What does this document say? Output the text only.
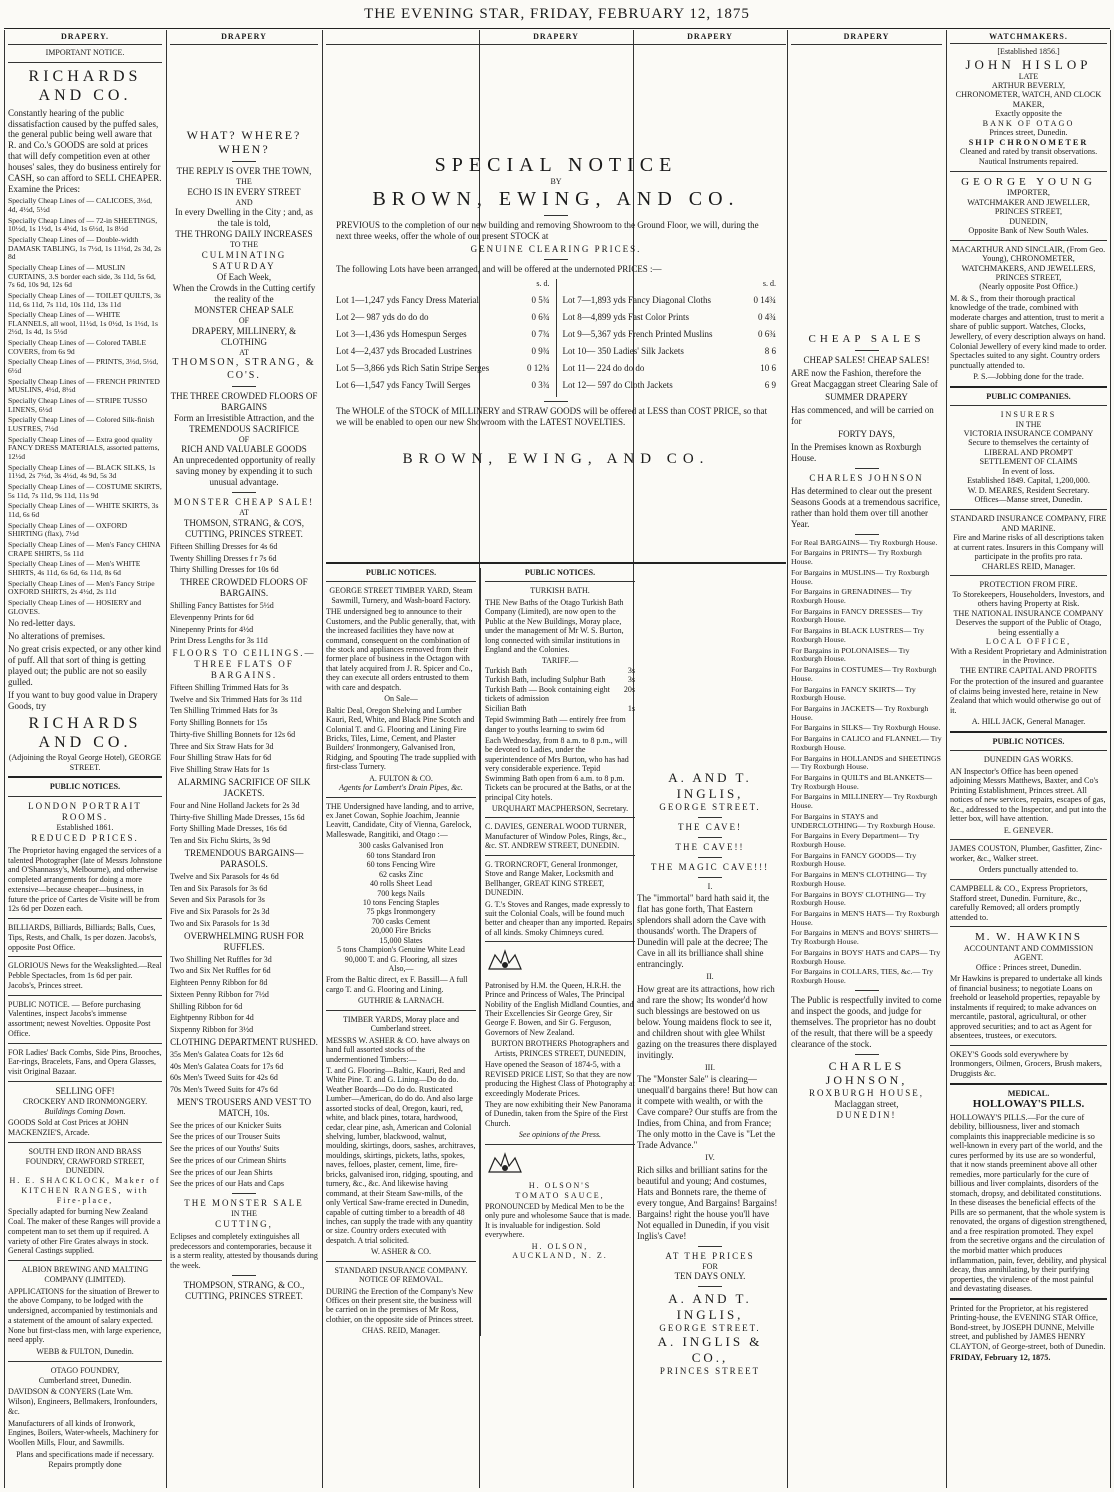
THE EVENING STAR, FRIDAY, FEBRUARY 12, 1875
DRAPERY.
IMPORTANT NOTICE.
RICHARDS AND CO.

Constantly hearing of the public dissatisfaction caused by the puffed sales, the general public being well aware that R. and Co.'s GOODS are sold at prices that will defy competition even at other houses' sales, they do business entirely for CASH, so can afford to SELL CHEAPER. Examine the Prices:

Specially Cheap Lines of — CALICOES, 3½d, 4d, 4½d, 5½d

Specially Cheap Lines of — 72-in SHEETINGS, 10½d, 1s 1½d, 1s 4½d, 1s 6½d, 1s 8½d

Specially Cheap Lines of — Double-width DAMASK TABLING, 1s 7½d, 1s 11½d, 2s 3d, 2s 8d

Specially Cheap Lines of — MUSLIN CURTAINS, 3.S border each side, 3s 11d, 5s 6d, 7s 6d, 10s 9d, 12s 6d

Specially Cheap Lines of — TOILET QUILTS, 3s 11d, 6s 11d, 7s 11d, 10s 11d, 13s 11d

Specially Cheap Lines of — WHITE FLANNELS, all wool, 11½d, 1s 0½d, 1s 1½d, 1s 2½d, 1s 4d, 1s 5½d

Specially Cheap Lines of — Colored TABLE COVERS, from 6s 9d

Specially Cheap Lines of — PRINTS, 3½d, 5½d, 6½d

Specially Cheap Lines of — FRENCH PRINTED MUSLINS, 4½d, 8½d

Specially Cheap Lines of — STRIPE TUSSO LINENS, 6½d

Specially Cheap Lines of — Colored Silk-finish LUSTRES, 7½d

Specially Cheap Lines of — Extra good quality FANCY DRESS MATERIALS, assorted patterns, 12½d

Specially Cheap Lines of — BLACK SILKS, 1s 11½d, 2s 7½d, 3s 4½d, 4s 9d, 5s 3d

Specially Cheap Lines of — COSTUME SKIRTS, 5s 11d, 7s 11d, 9s 11d, 11s 9d

Specially Cheap Lines of — WHITE SKIRTS, 3s 11d, 6s 6d

Specially Cheap Lines of — OXFORD SHIRTING (flax), 7½d

Specially Cheap Lines of — Men's Fancy CHINA CRAPE SHIRTS, 5s 11d

Specially Cheap Lines of — Men's WHITE SHIRTS, 4s 11d, 6s 6d, 6s 11d, 8s 6d

Specially Cheap Lines of — Men's Fancy Stripe OXFORD SHIRTS, 2s 4½d, 2s 11d

Specially Cheap Lines of — HOSIERY and GLOVES.

No red-letter days.

No alterations of premises.

No great crisis expected, or any other kind of puff. All that sort of thing is getting played out; the public are not so easily gulled.

If you want to buy good value in Drapery Goods, try

RICHARDS AND CO.
(Adjoining the Royal George Hotel), GEORGE STREET.
PUBLIC NOTICES.
LONDON PORTRAIT ROOMS.
Established 1861.
REDUCED PRICES.

The Proprietor having engaged the services of a talented Photographer (late of Messrs Johnstone and O'Shannassy's, Melbourne), and otherwise completed arrangements for doing a more extensive—because cheaper—business, in future the price of Cartes de Visite will be from 12s 6d per Dozen each.

BILLIARDS, Billiards, Billiards; Balls, Cues, Tips, Rests, and Chalk, 1s per dozen. Jacobs's, opposite Post Office.

GLORIOUS News for the Weakslighted.—Real Pebble Spectacles, from 1s 6d per pair. Jacobs's, Princes street.

PUBLIC NOTICE. — Before purchasing Valentines, inspect Jacobs's immense assortment; newest Novelties. Opposite Post Office.

FOR Ladies' Back Combs, Side Pins, Brooches, Ear-rings, Bracelets, Fans, and Opera Glasses, visit Original Bazaar.

SELLING OFF!
CROCKERY AND IRONMONGERY.
Buildings Coming Down.

GOODS Sold at Cost Prices at JOHN MACKENZIE'S, Arcade.

SOUTH END IRON AND BRASS FOUNDRY, CRAWFORD STREET, DUNEDIN.
H. E. SHACKLOCK, Maker of KITCHEN RANGES, with Fire-place,

Specially adapted for burning New Zealand Coal. The maker of these Ranges will provide a competent man to set them up if required. A variety of other Fire Grates always in stock. General Castings supplied.

ALBION BREWING AND MALTING COMPANY (LIMITED).

APPLICATIONS for the situation of Brewer to the above Company, to be lodged with the undersigned, accompanied by testimonials and a statement of the amount of salary expected. None but first-class men, with large experience, need apply.

WEBB & FULTON, Dunedin.
OTAGO FOUNDRY,
Cumberland street, Dunedin.

DAVIDSON & CONYERS (Late Wm. Wilson), Engineers, Bellmakers, Ironfounders, &c.

Manufacturers of all kinds of Ironwork, Engines, Boilers, Water-wheels, Machinery for Woollen Mills, Flour, and Sawmills.

Plans and specifications made if necessary.
Repairs promptly done
DRAPERY
WHAT? WHERE? WHEN?
THE REPLY IS OVER THE TOWN,
THE
ECHO IS IN EVERY STREET
AND
In every Dwelling in the City ; and, as the tale is told,
THE THRONG DAILY INCREASES
TO THE
CULMINATING SATURDAY
Of Each Week,
When the Crowds in the Cutting certify the reality of the
MONSTER CHEAP SALE
OF
DRAPERY, MILLINERY, & CLOTHING
AT
THOMSON, STRANG, & CO'S.
THE THREE CROWDED FLOORS OF BARGAINS
Form an Irresistible Attraction, and the
TREMENDOUS SACRIFICE
OF
RICH AND VALUABLE GOODS
An unprecedented opportunity of really saving money by expending it to such unusual advantage.
MONSTER CHEAP SALE!
AT
THOMSON, STRANG, & CO'S, CUTTING, PRINCES STREET.

Fifteen Shilling Dresses for 4s 6d

Twenty Shilling Dresses f r 7s 6d

Thirty Shilling Dresses for 10s 6d

THREE CROWDED FLOORS OF BARGAINS.

Shilling Fancy Battistes for 5½d

Elevenpenny Prints for 6d

Ninepenny Prints for 4½d

Print Dress Lengths for 3s 11d

FLOORS TO CEILINGS.— THREE FLATS OF BARGAINS.

Fifteen Shilling Trimmed Hats for 3s

Twelve and Six Trimmed Hats for 3s 11d

Ten Shilling Trimmed Hats for 3s

Forty Shilling Bonnets for 15s

Thirty-five Shilling Bonnets for 12s 6d

Three and Six Straw Hats for 3d

Four Shilling Straw Hats for 6d

Five Shilling Straw Hats for 1s

ALARMING SACRIFICE OF SILK JACKETS.

Four and Nine Holland Jackets for 2s 3d

Thirty-five Shilling Made Dresses, 15s 6d

Forty Shilling Made Dresses, 16s 6d

Ten and Six Fichu Skirts, 3s 9d

TREMENDOUS BARGAINS— PARASOLS.

Twelve and Six Parasols for 4s 6d

Ten and Six Parasols for 3s 6d

Seven and Six Parasols for 3s

Five and Six Parasols for 2s 3d

Two and Six Parasols for 1s 3d

OVERWHELMING RUSH FOR RUFFLES.

Two Shilling Net Ruffles for 3d

Two and Six Net Ruffles for 6d

Eighteen Penny Ribbon for 8d

Sixteen Penny Ribbon for 7½d

Shilling Ribbon for 6d

Eightpenny Ribbon for 4d

Sixpenny Ribbon for 3½d

CLOTHING DEPARTMENT RUSHED.

35s Men's Galatea Coats for 12s 6d

40s Men's Galatea Coats for 17s 6d

60s Men's Tweed Suits for 42s 6d

70s Men's Tweed Suits for 47s 6d

MEN'S TROUSERS AND VEST TO MATCH, 10s.

See the prices of our Knicker Suits

See the prices of our Trouser Suits

See the prices of our Youths' Suits

See the prices of our Crimean Shirts

See the prices of our Jean Shirts

See the prices of our Hats and Caps

THE MONSTER SALE
IN THE
CUTTING,

Eclipses and completely extinguishes all predecessors and contemporaries, because it is a sterm reality, attested by thousands during the week.

THOMPSON, STRANG, & CO., CUTTING, PRINCES STREET.
DRAPERY
SPECIAL NOTICE
BY
BROWN, EWING, AND CO.

PREVIOUS to the completion of our new building and removing Showroom to the Ground Floor, we will, during the next three weeks, offer the whole of our present STOCK at

GENUINE CLEARING PRICES.

The following Lots have been arranged, and will be offered at the undernoted PRICES :—

s. d.
Lot 1—1,247 yds Fancy Dress Material	0 5¾
Lot 2— 987 yds do do do	0 6¾
Lot 3—1,436 yds Homespun Serges	0 7¾
Lot 4—2,437 yds Brocaded Lustrines	0 9¾
Lot 5—3,866 yds Rich Satin Stripe Serges	0 12¾
Lot 6—1,547 yds Fancy Twill Serges	0 3¾
s. d.
Lot 7—1,893 yds Fancy Diagonal Cloths	0 14¾
Lot 8—4,899 yds Fast Color Prints	0 4¾
Lot 9—5,367 yds French Printed Muslins	0 6¾
Lot 10— 350 Ladies' Silk Jackets	8 6
Lot 11— 224 do do do	10 6
Lot 12— 597 do Cloth Jackets	6 9

The WHOLE of the STOCK of MILLINERY and STRAW GOODS will be offered at LESS than COST PRICE, so that we will be enabled to open our new Showroom with the LATEST NOVELTIES.

BROWN, EWING, AND CO.
PUBLIC NOTICES.
GEORGE STREET TIMBER YARD, Steam Sawmill, Turnery, and Wash-board Factory.

THE undersigned beg to announce to their Customers, and the Public generally, that, with the increased facilities they have now at command, consequent on the combination of the stock and appliances removed from their former place of business in the Octagon with that lately acquired from J. R. Spicer and Co., they can execute all orders entrusted to them with care and despatch.

On Sale—

Baltic Deal, Oregon Shelving and Lumber Kauri, Red, White, and Black Pine Scotch and Colonial T. and G. Flooring and Lining Fire Bricks, Tiles, Lime, Cement, and Plaster Builders' Ironmongery, Galvanised Iron, Ridging, and Spouting The trade supplied with first-class Turnery.

A. FULTON & CO.
Agents for Lambert's Drain Pipes, &c.

THE Undersigned have landing, and to arrive, ex Janet Cowan, Sophie Joachim, Jeannie Leavitt, Candidate, City of Vienna, Garelock, Malleswade, Rangitiki, and Otago :—

300 casks Galvanised Iron
60 tons Standard Iron
60 tons Fencing Wire
62 casks Zinc
40 rolls Sheet Lead
700 kegs Nails
10 tons Fencing Staples
75 pkgs Ironmongery
700 casks Cement
20,000 Fire Bricks
15,000 Slates
5 tons Champion's Genuine White Lead
90,000 T. and G. Flooring, all sizes
Also,—

From the Baltic direct, ex F. Bassill— A full cargo T. and G. Flooring and Lining.

GUTHRIE & LARNACH.
TIMBER YARDS, Moray place and Cumberland street.

MESSRS W. ASHER & CO. have always on hand full assorted stocks of the undermentioned Timbers:—

T. and G. Flooring—Baltic, Kauri, Red and White Pine. T. and G. Lining—Do do do. Weather Boards—Do do do. Rusticated Lumber—American, do do do. And also large assorted stocks of deal, Oregon, kauri, red, white, and black pines, totara, hardwood, cedar, clear pine, ash, American and Colonial shelving, lumber, blackwood, walnut, moulding, skirtings, doors, sashes, architraves, mouldings, skirtings, pickets, laths, spokes, naves, felloes, plaster, cement, lime, fire-bricks, galvanised iron, ridging, spouting, and turnery, &c., &c. And likewise having command, at their Steam Saw-mills, of the only Vertical Saw-frame erected in Dunedin, capable of cutting timber to a breadth of 48 inches, can supply the trade with any quantity or size. Country orders executed with despatch. A trial solicited.

W. ASHER & CO.
STANDARD INSURANCE COMPANY.
NOTICE OF REMOVAL.

DURING the Erection of the Company's New Offices on their present site, the business will be carried on in the premises of Mr Ross, clothier, on the opposite side of Princes street.

CHAS. REID, Manager.
PUBLIC NOTICES.
TURKISH BATH.

THE New Baths of the Otago Turkish Bath Company (Limited), are now open to the Public at the New Buildings, Moray place, under the management of Mr W. S. Burton, long connected with similar institutions in England and the Colonies.

TARIFF.—
Turkish Bath	3s
Turkish Bath, including Sulphur Bath	3s
Turkish Bath — Book containing eight tickets of admission
20s
Sicilian Bath	1s

Tepid Swimming Bath — entirely free from danger to youths learning to swim 6d

Each Wednesday, from 8 a.m. to 8 p.m., will be devoted to Ladies, under the superintendence of Mrs Burton, who has had very considerable experience. Tepid Swimming Bath open from 6 a.m. to 8 p.m. Tickets can be procured at the Baths, or at the principal City hotels.

URQUHART MACPHERSON, Secretary.

C. DAVIES, GENERAL WOOD TURNER, Manufacturer of Window Poles, Rings, &c., &c. ST. ANDREW STREET, DUNEDIN.

G. TRORNCROFT, General Ironmonger, Stove and Range Maker, Locksmith and Bellhanger, GREAT KING STREET, DUNEDIN.

G. T.'s Stoves and Ranges, made expressly to suit the Colonial Coals, will be found much better and cheaper than any imported. Repairs of all kinds. Smoky Chimneys cured.

Patronised by H.M. the Queen, H.R.H. the Prince and Princess of Wales, The Principal Nobility of the English Midland Counties, and Their Excellencies Sir George Grey, Sir George F. Bowen, and Sir G. Ferguson, Governors of New Zealand.

BURTON BROTHERS Photographers and Artists, PRINCES STREET, DUNEDIN,

Have opened the Season of 1874-5, with a REVISED PRICE LIST, So that they are now producing the Highest Class of Photography at exceedingly Moderate Prices.

They are now exhibiting their New Panorama of Dunedin, taken from the Spire of the First Church.

See opinions of the Press.
H. OLSON'S
TOMATO SAUCE,

PRONOUNCED by Medical Men to be the only pure and wholesome Sauce that is made. It is invaluable for indigestion. Sold everywhere.

H. OLSON,
AUCKLAND, N. Z.
A. AND T. INGLIS,
GEORGE STREET.
THE CAVE!
THE CAVE!!
THE MAGIC CAVE!!!
I.

The "immortal" bard hath said it, the flat has gone forth, That Eastern splendors shall adorn the Cave with thousands' worth. The Drapers of Dunedin will pale at the decree; The Cave in all its brilliance shall shine entrancingly.

II.

How great are its attractions, how rich and rare the show; Its wonder'd how such blessings are bestowed on us below. Young maidens flock to see it, and children shout with glee Whilst gazing on the treasures there displayed invitingly.

III.

The "Monster Sale" is clearing—unequall'd bargains there! But how can it compete with wealth, or with the Cave compare? Our stuffs are from the Indies, from China, and from France; The only motto in the Cave is "Let the Trade Advance."

IV.

Rich silks and brilliant satins for the beautiful and young; And costumes, Hats and Bonnets rare, the theme of every tongue, And Bargains! Bargains! Bargains! right the house you'll have Not equalled in Dunedin, if you visit Inglis's Cave!

AT THE PRICES
FOR
TEN DAYS ONLY.
A. AND T. INGLIS,
GEORGE STREET.
A. INGLIS & CO.,
PRINCES STREET
DRAPERY	DRAPERY
CHEAP SALES
CHEAP SALES! CHEAP SALES!

ARE now the Fashion, therefore the Great Macgaggan street Clearing Sale of

SUMMER DRAPERY

Has commenced, and will be carried on for

FORTY DAYS,

In the Premises known as Roxburgh House.

CHARLES JOHNSON

Has determined to clear out the present Seasons Goods at a tremendous sacrifice, rather than hold them over till another Year.

For Real BARGAINS— Try Roxburgh House.

For Bargains in PRINTS— Try Roxburgh House.

For Bargains in MUSLINS— Try Roxburgh House.

For Bargains in GRENADINES— Try Roxburgh House.

For Bargains in FANCY DRESSES— Try Roxburgh House.

For Bargains in BLACK LUSTRES— Try Roxburgh House.

For Bargains in POLONAISES— Try Roxburgh House.

For Bargains in COSTUMES— Try Roxburgh House.

For Bargains in FANCY SKIRTS— Try Roxburgh House.

For Bargains in JACKETS— Try Roxburgh House.

For Bargains in SILKS— Try Roxburgh House.

For Bargains in CALICO and FLANNEL— Try Roxburgh House.

For Bargains in HOLLANDS and SHEETINGS— Try Roxburgh House.

For Bargains in QUILTS and BLANKETS— Try Roxburgh House.

For Bargains in MILLINERY— Try Roxburgh House.

For Bargains in STAYS and UNDERCLOTHING— Try Roxburgh House.

For Bargains in Every Department— Try Roxburgh House.

For Bargains in FANCY GOODS— Try Roxburgh House.

For Bargains in MEN'S CLOTHING— Try Roxburgh House.

For Bargains in BOYS' CLOTHING— Try Roxburgh House.

For Bargains in MEN'S HATS— Try Roxburgh House.

For Bargains in MEN'S and BOYS' SHIRTS— Try Roxburgh House.

For Bargains in BOYS' HATS and CAPS— Try Roxburgh House.

For Bargains in COLLARS, TIES, &c.— Try Roxburgh House.

The Public is respectfully invited to come and inspect the goods, and judge for themselves. The proprietor has no doubt of the result, that there will be a speedy clearance of the stock.

CHARLES JOHNSON,
ROXBURGH HOUSE,
Maclaggan street,
DUNEDIN!
WATCHMAKERS.
[Established 1856.]
JOHN HISLOP
LATE
ARTHUR BEVERLY,
CHRONOMETER, WATCH, AND CLOCK MAKER,
Exactly opposite the
BANK OF OTAGO
Princes street, Dunedin.
SHIP CHRONOMETER
Cleaned and rated by transit observations. Nautical Instruments repaired.
GEORGE YOUNG
IMPORTER,
WATCHMAKER AND JEWELLER,
PRINCES STREET,
DUNEDIN,
Opposite Bank of New South Wales.
MACARTHUR AND SINCLAIR, (From Geo. Young), CHRONOMETER, WATCHMAKERS, AND JEWELLERS,
PRINCES STREET,
(Nearly opposite Post Office.)

M. & S., from their thorough practical knowledge of the trade, combined with moderate charges and attention, trust to merit a share of public support. Watches, Clocks, Jewellery, of every description always on hand. Colonial Jewellery of every kind made to order. Spectacles suited to any sight. Country orders punctually attended to.

P. S.—Jobbing done for the trade.
PUBLIC COMPANIES.
INSURERS
IN THE
VICTORIA INSURANCE COMPANY
Secure to themselves the certainty of
LIBERAL AND PROMPT
SETTLEMENT OF CLAIMS
In event of loss.
Established 1849. Capital, 1,200,000.
W. D. MEARES, Resident Secretary.
Offices—Manse street, Dunedin.
STANDARD INSURANCE COMPANY, FIRE AND MARINE.
Fire and Marine risks of all descriptions taken at current rates. Insurers in this Company will participate in the profits pro rata.
CHARLES REID, Manager.
PROTECTION FROM FIRE.
To Storekeepers, Householders, Investors, and others having Property at Risk.
THE NATIONAL INSURANCE COMPANY
Deserves the support of the Public of Otago, being essentially a
LOCAL OFFICE,
With a Resident Proprietary and Administration in the Province.
THE ENTIRE CAPITAL AND PROFITS

For the protection of the insured and guarantee of claims being invested here, retaine in New Zealand that which would otherwise go out of it.

A. HILL JACK, General Manager.
PUBLIC NOTICES.
DUNEDIN GAS WORKS.

AN Inspector's Office has been opened adjoining Messrs Matthews, Baxter, and Co's Printing Establishment, Princes street. All notices of new services, repairs, escapes of gas, &c., addressed to the Inspector, and put into the letter box, will have attention.

E. GENEVER.

JAMES COUSTON, Plumber, Gasfitter, Zinc-worker, &c., Walker street.

Orders punctually attended to.

CAMPBELL & CO., Express Proprietors, Stafford street, Dunedin. Furniture, &c., carefully Removed; all orders promptly attended to.

M. W. HAWKINS
ACCOUNTANT AND COMMISSION AGENT.
Office : Princes street, Dunedin.

Mr Hawkins is prepared to undertake all kinds of financial business; to negotiate Loans on freehold or leasehold properties, repayable by instalments if required; to make advances on mercantile, pastoral, agricultural, or other approved securities; and to act as Agent for absentees, trustees, or executors.

OKEY'S Goods sold everywhere by Ironmongers, Oilmen, Grocers, Brush makers, Druggists &c.

MEDICAL.
HOLLOWAY'S PILLS.

HOLLOWAY'S PILLS.—For the cure of debility, billiousness, liver and stomach complaints this inappreciable medicine is so well-known in every part of the world, and the cures performed by its use are so wonderful, that it now stands preeminent above all other remedies, more particularly for the cure of billious and liver complaints, disorders of the stomach, dropsy, and debilitated constitutions. In these diseases the beneficial effects of the Pills are so permanent, that the whole system is renovated, the organs of digestion strengthened, and a free respiration promoted. They expel from the secretive organs and the circulation of the morbid matter which produces inflammation, pain, fever, debility, and physical decay, thus annihilating, by their purifying properties, the virulence of the most painful and devastating diseases.

Printed for the Proprietor, at his registered Printing-house, the EVENING STAR Office, Bond-street, by JOSEPH DUNNE, Melville street, and published by JAMES HENRY CLAYTON, of George-street, both of Dunedin.

FRIDAY, February 12, 1875.
